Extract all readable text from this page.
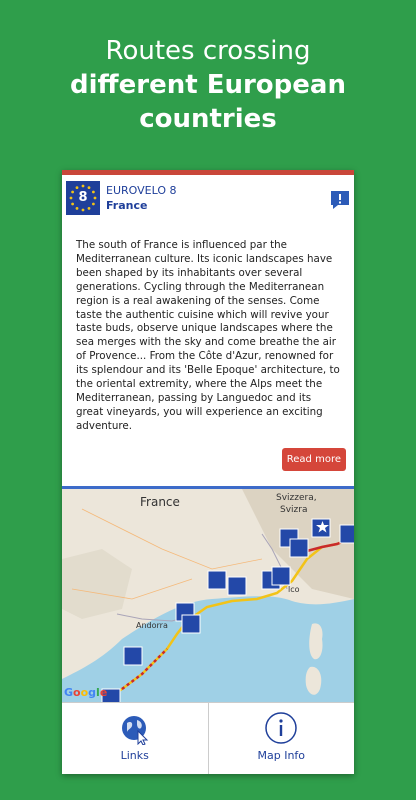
Routes crossing
different European
countries
8	EUROVELO 8
France
The south of France is influenced par the Mediterranean culture. Its iconic landscapes have been shaped by its inhabitants over several generations. Cycling through the Mediterranean region is a real awakening of the senses. Come taste the authentic cuisine which will revive your taste buds, observe unique landscapes where the sea merges with the sky and come breathe the air of Provence... From the Côte d'Azur, renowned for its splendour and its 'Belle Epoque' architecture, to the oriental extremity, where the Alps meet the Mediterranean, passing by Languedoc and its great vineyards, you will experience an exciting adventure.
Read more
France	Svizzera,
Svizra
Andorra
lco
Google
Links	Map Info
